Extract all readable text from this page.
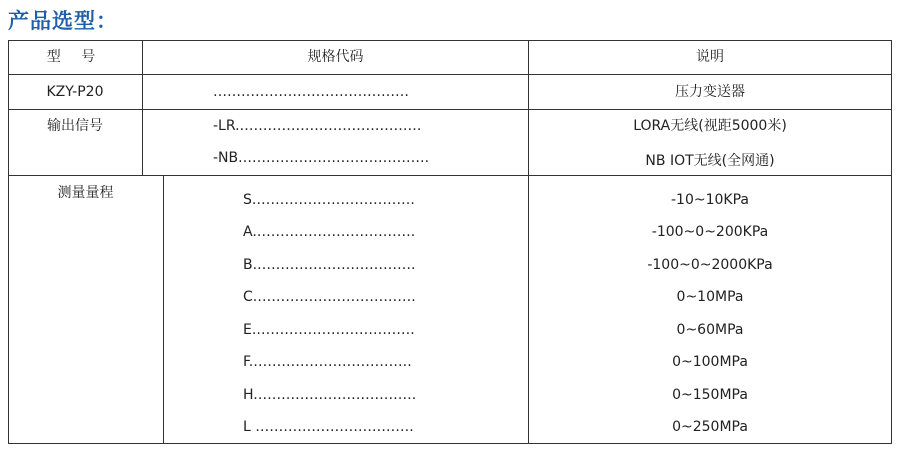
产品选型：
型 号	规格代码	说明
KZY-P20	……………………………………	压力变送器
输出信号	-LR.…………………………………	LORA无线(视距5000米)
-NB.………………………………….	NB IOT无线(全网通)
测量量程	S.…………………………….	-10~10KPa
A.…………………………….	-100~0~200KPa
B.…………………………….	-100~0~2000KPa
C.…………………………….	0~10MPa
E.…………………………….	0~60MPa
F.…………………………….	0~100MPa
H.…………………………….	0~150MPa
L …………………………….	0~250MPa
